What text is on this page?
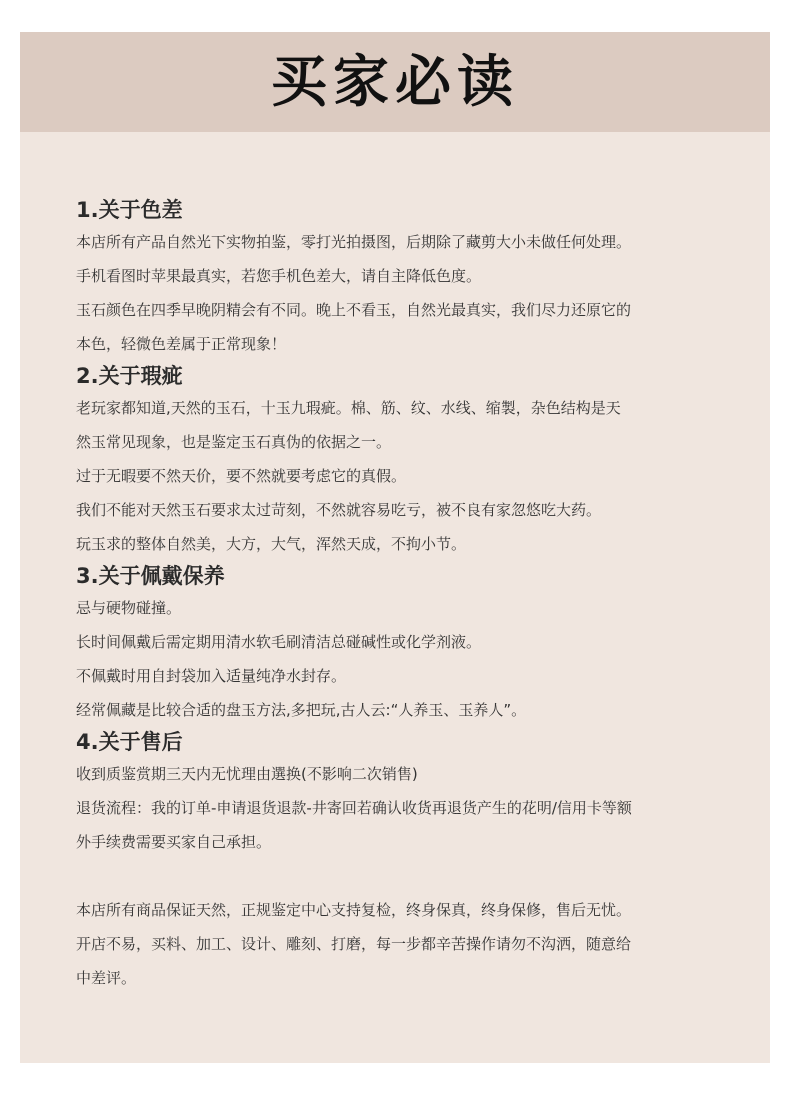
买家必读
1.关于色差
本店所有产品自然光下实物拍鉴，零打光拍摄图，后期除了藏剪大小未做任何处理。
手机看图时苹果最真实，若您手机色差大，请自主降低色度。
玉石颜色在四季早晚阴精会有不同。晚上不看玉，自然光最真实，我们尽力还原它的
本色，轻微色差属于正常现象！
2.关于瑕疵
老玩家都知道,天然的玉石，十玉九瑕疵。棉、筋、纹、水线、缩製，杂色结构是天
然玉常见现象，也是鉴定玉石真伪的依据之一。
过于无暇要不然天价，要不然就要考虑它的真假。
我们不能对天然玉石要求太过苛刻，不然就容易吃亏，被不良有家忽悠吃大药。
玩玉求的整体自然美，大方，大气，浑然天成，不拘小节。
3.关于佩戴保养
忌与硬物碰撞。
长时间佩戴后需定期用清水软毛刷清洁总碰碱性或化学剂液。
不佩戴时用自封袋加入适量纯净水封存。
经常佩藏是比较合适的盘玉方法,多把玩,古人云:“人养玉、玉养人”。
4.关于售后
收到质鉴赏期三天内无忧理由選换(不影响二次销售)
退货流程：我的订单-申请退货退款-井寄回若确认收货再退货产生的花明/信用卡等额
外手续费需要买家自己承担。
本店所有商品保证天然，正规鉴定中心支持复检，终身保真，终身保修，售后无忧。
开店不易，买料、加工、设计、雕刻、打磨，每一步都辛苦操作请勿不沟洒，随意给
中差评。
